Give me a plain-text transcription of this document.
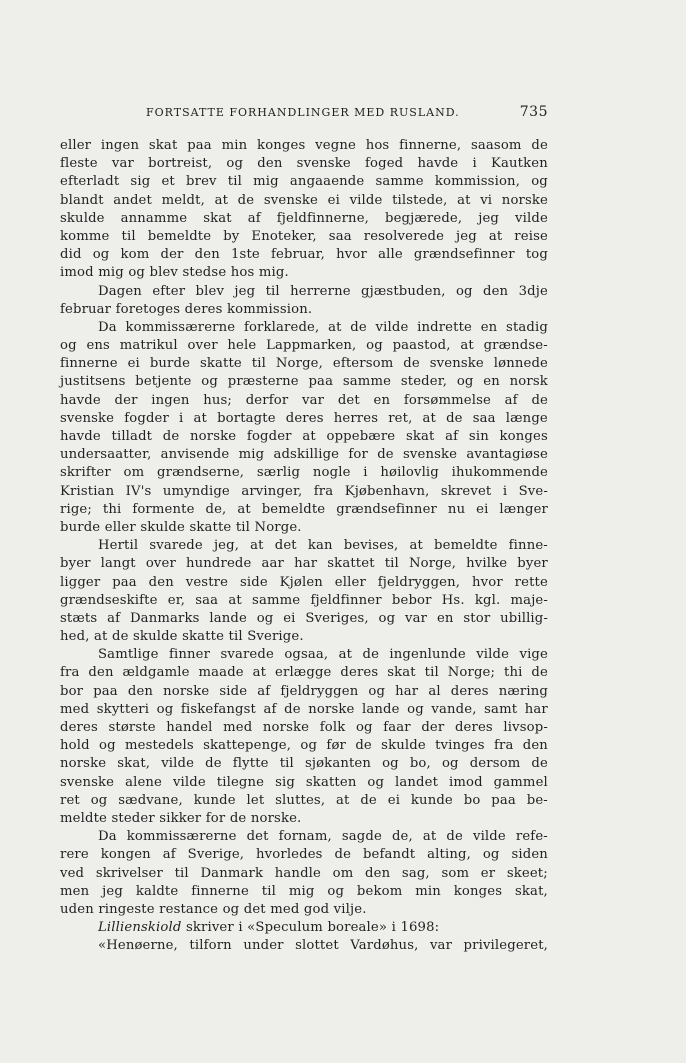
FORTSATTE FORHANDLINGER MED RUSLAND.	735
eller ingen skat paa min konges vegne hos finnerne, saasom de
fleste var bortreist, og den svenske foged havde i Kautken
efterladt sig et brev til mig angaaende samme kommission, og
blandt andet meldt, at de svenske ei vilde tilstede, at vi norske
skulde annamme skat af fjeldfinnerne, begjærede, jeg vilde
komme til bemeldte by Enoteker, saa resolverede jeg at reise
did og kom der den 1ste februar, hvor alle grændsefinner tog
imod mig og blev stedse hos mig.
Dagen efter blev jeg til herrerne gjæstbuden, og den 3dje
februar foretoges deres kommission.
Da kommissærerne forklarede, at de vilde indrette en stadig
og ens matrikul over hele Lappmarken, og paastod, at grændse-
finnerne ei burde skatte til Norge, eftersom de svenske lønnede
justitsens betjente og præsterne paa samme steder, og en norsk
havde der ingen hus; derfor var det en forsømmelse af de
svenske fogder i at bortagte deres herres ret, at de saa længe
havde tilladt de norske fogder at oppebære skat af sin konges
undersaatter, anvisende mig adskillige for de svenske avantagiøse
skrifter om grændserne, særlig nogle i høilovlig ihukommende
Kristian IV's umyndige arvinger, fra Kjøbenhavn, skrevet i Sve-
rige; thi formente de, at bemeldte grændsefinner nu ei længer
burde eller skulde skatte til Norge.
Hertil svarede jeg, at det kan bevises, at bemeldte finne-
byer langt over hundrede aar har skattet til Norge, hvilke byer
ligger paa den vestre side Kjølen eller fjeldryggen, hvor rette
grændseskifte er, saa at samme fjeldfinner bebor Hs. kgl. maje-
stæts af Danmarks lande og ei Sveriges, og var en stor ubillig-
hed, at de skulde skatte til Sverige.
Samtlige finner svarede ogsaa, at de ingenlunde vilde vige
fra den ældgamle maade at erlægge deres skat til Norge; thi de
bor paa den norske side af fjeldryggen og har al deres næring
med skytteri og fiskefangst af de norske lande og vande, samt har
deres største handel med norske folk og faar der deres livsop-
hold og mestedels skattepenge, og før de skulde tvinges fra den
norske skat, vilde de flytte til sjøkanten og bo, og dersom de
svenske alene vilde tilegne sig skatten og landet imod gammel
ret og sædvane, kunde let sluttes, at de ei kunde bo paa be-
meldte steder sikker for de norske.
Da kommissærerne det fornam, sagde de, at de vilde refe-
rere kongen af Sverige, hvorledes de befandt alting, og siden
ved skrivelser til Danmark handle om den sag, som er skeet;
men jeg kaldte finnerne til mig og bekom min konges skat,
uden ringeste restance og det med god vilje.
Lillienskiold skriver i «Speculum boreale» i 1698:
«Henøerne, tilforn under slottet Vardøhus, var privilegeret,
